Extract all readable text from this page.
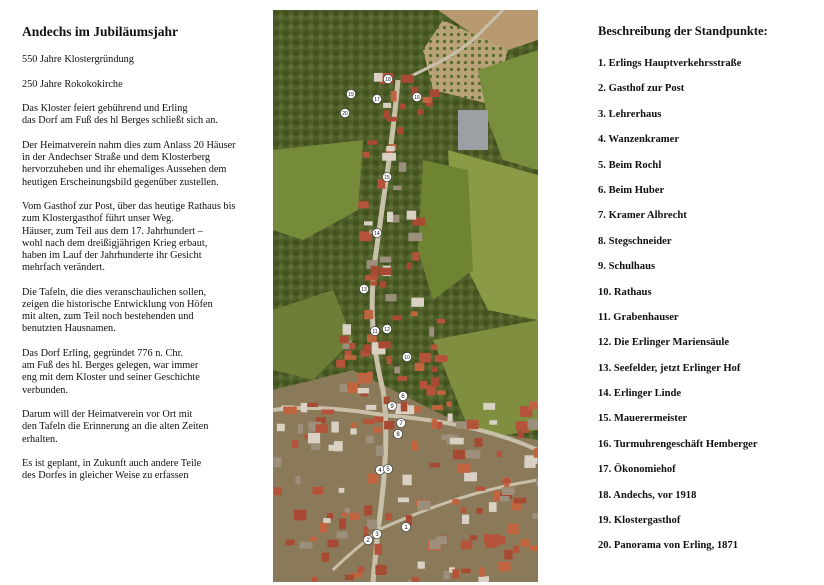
Andechs im Jubiläumsjahr

550 Jahre Klostergründung

250 Jahre Rokokokirche

Das Kloster feiert gebührend und Erling
das Dorf am Fuß des hl Berges schließt sich an.

Der Heimatverein nahm dies zum Anlass 20 Häuser
in der Andechser Straße und dem Klosterberg
hervorzuheben und ihr ehemaliges Aussehen dem
heutigen Erscheinungsbild gegenüber zustellen.

Vom Gasthof zur Post, über das heutige Rathaus bis
zum Klostergasthof führt unser Weg.
Häuser, zum Teil aus dem 17. Jahrhundert –
wohl nach dem dreißigjährigen Krieg erbaut,
haben im Lauf der Jahrhunderte ihr Gesicht
mehrfach verändert.

Die Tafeln, die dies veranschaulichen sollen,
zeigen die historische Entwicklung von Höfen
mit alten, zum Teil noch bestehenden und
benutzten Hausnamen.

Das Dorf Erling, gegründet 776 n. Chr.
am Fuß des hl. Berges gelegen, war immer
eng mit dem Kloster und seiner Geschichte
verbunden.

Darum will der Heimatverein vor Ort mit
den Tafeln die Erinnerung an die alten Zeiten
erhalten.

Es ist geplant, in Zukunft auch andere Teile
des Dorfes in gleicher Weise zu erfassen

1
2
3
4 5
6
7
8
9
10
11 12
13
14
15
16
17
18
19
20
Beschreibung der Standpunkte:
1. Erlings Hauptverkehrsstraße
2. Gasthof zur Post
3. Lehrerhaus
4. Wanzenkramer
5. Beim Rochl
6. Beim Huber
7. Kramer Albrecht
8. Stegschneider
9. Schulhaus
10. Rathaus
11. Grabenhauser
12. Die Erlinger Mariensäule
13. Seefelder, jetzt Erlinger Hof
14. Erlinger Linde
15. Mauerermeister
16. Turmuhrengeschäft Hemberger
17. Ökonomiehof
18. Andechs, vor 1918
19. Klostergasthof
20. Panorama von Erling, 1871
